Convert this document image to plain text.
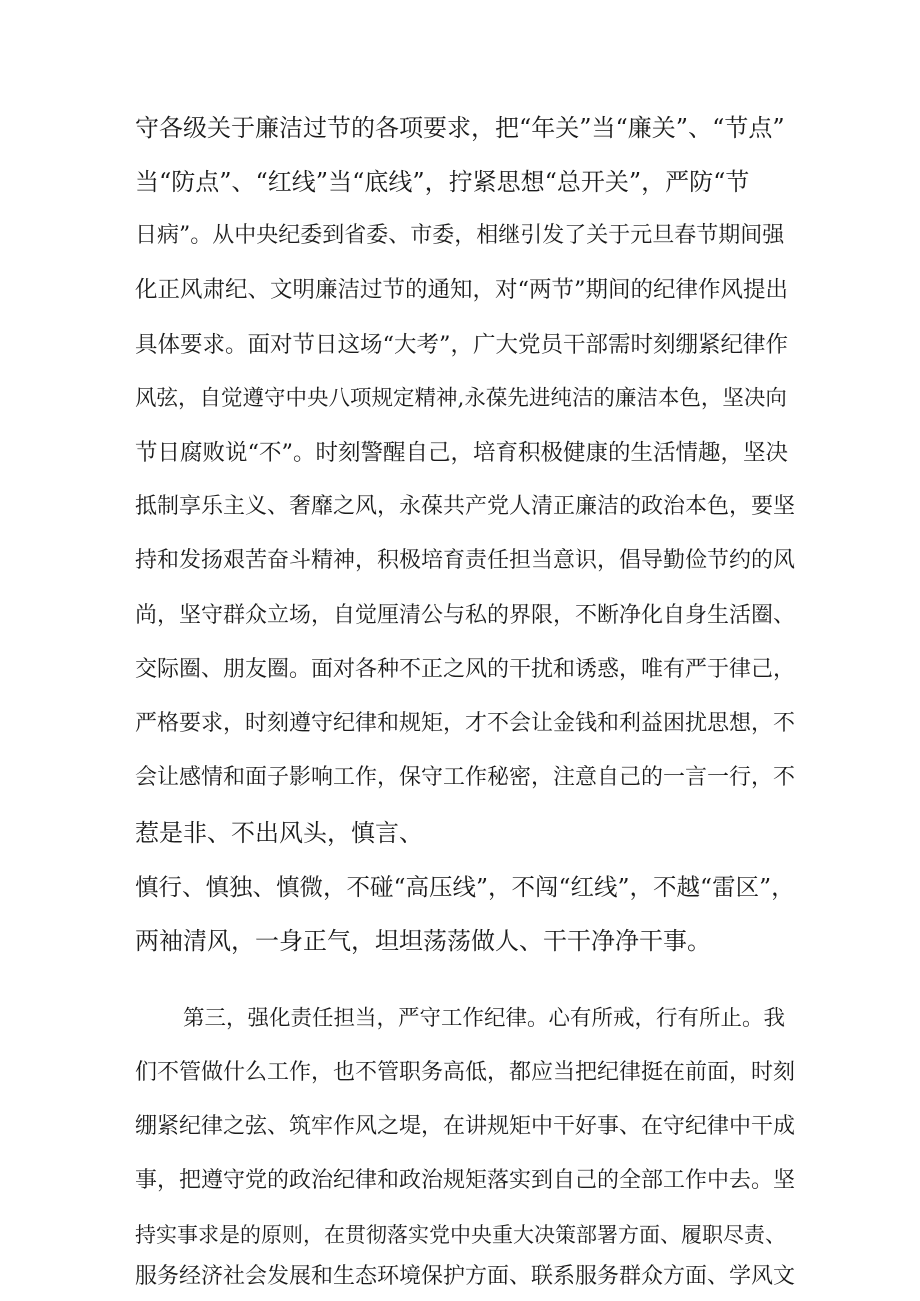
守各级关于廉洁过节的各项要求，把“年关”当“廉关”、“节点”
当“防点”、“红线”当“底线”，拧紧思想“总开关”，严防“节
日病”。从中央纪委到省委、市委，相继引发了关于元旦春节期间强
化正风肃纪、文明廉洁过节的通知，对“两节”期间的纪律作风提出
具体要求。面对节日这场“大考”，广大党员干部需时刻绷紧纪律作
风弦，自觉遵守中央八项规定精神,永葆先进纯洁的廉洁本色，坚决向
节日腐败说“不”。时刻警醒自己，培育积极健康的生活情趣，坚决
抵制享乐主义、奢靡之风，永葆共产党人清正廉洁的政治本色，要坚
持和发扬艰苦奋斗精神，积极培育责任担当意识，倡导勤俭节约的风
尚，坚守群众立场，自觉厘清公与私的界限，不断净化自身生活圈、
交际圈、朋友圈。面对各种不正之风的干扰和诱惑，唯有严于律己，
严格要求，时刻遵守纪律和规矩，才不会让金钱和利益困扰思想，不
会让感情和面子影响工作，保守工作秘密，注意自己的一言一行，不
惹是非、不出风头，慎言、
慎行、慎独、慎微，不碰“高压线”，不闯“红线”，不越“雷区”，
两袖清风，一身正气，坦坦荡荡做人、干干净净干事。
第三，强化责任担当，严守工作纪律。心有所戒，行有所止。我
们不管做什么工作，也不管职务高低，都应当把纪律挺在前面，时刻
绷紧纪律之弦、筑牢作风之堤，在讲规矩中干好事、在守纪律中干成
事，把遵守党的政治纪律和政治规矩落实到自己的全部工作中去。坚
持实事求是的原则，在贯彻落实党中央重大决策部署方面、履职尽责、
服务经济社会发展和生态环境保护方面、联系服务群众方面、学风文
